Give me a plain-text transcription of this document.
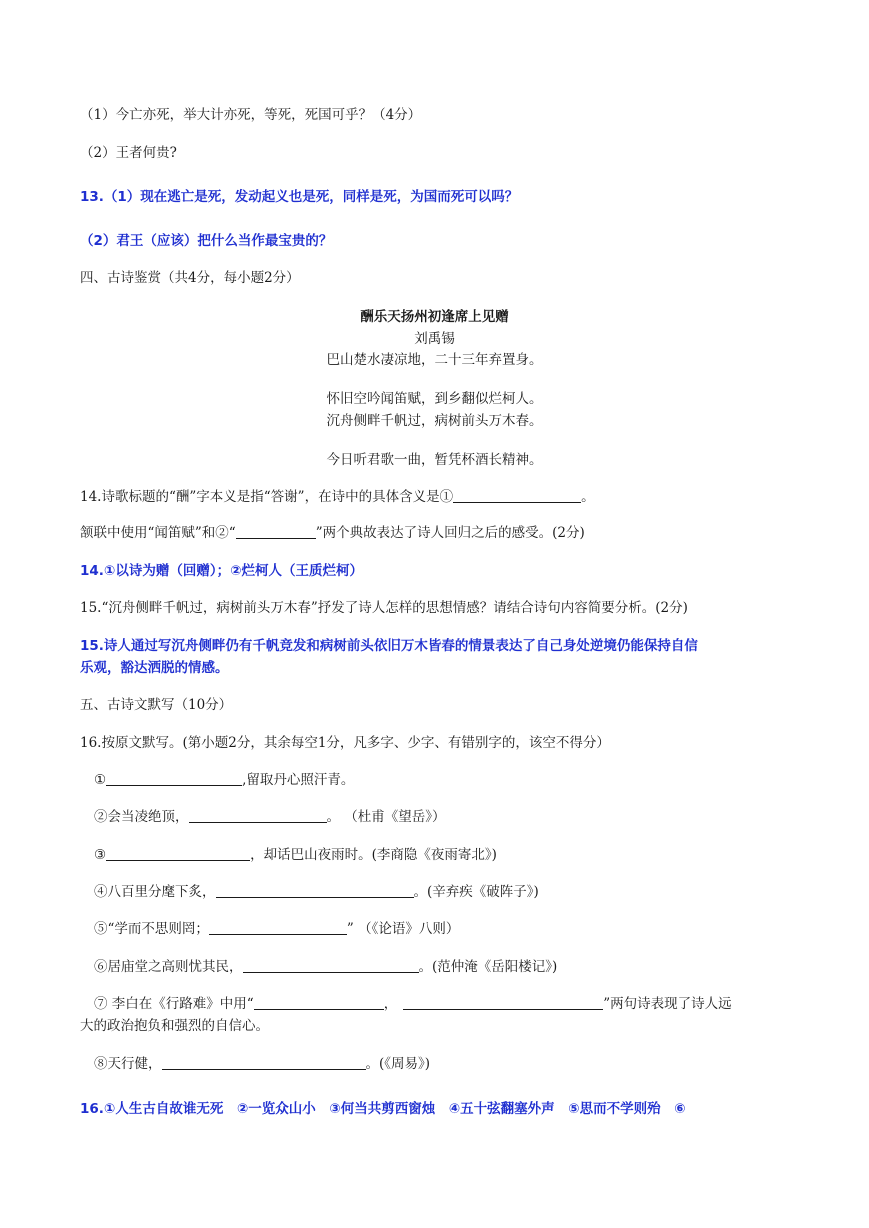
（1）今亡亦死，举大计亦死，等死，死国可乎？（4分）
（2）王者何贵?
13.（1）现在逃亡是死，发动起义也是死，同样是死，为国而死可以吗？
（2）君王（应该）把什么当作最宝贵的？
四、古诗鉴赏（共4分，每小题2分）
酬乐天扬州初逢席上见赠
刘禹锡
巴山楚水凄凉地，二十三年弃置身。
怀旧空吟闻笛赋，到乡翻似烂柯人。
沉舟侧畔千帆过，病树前头万木春。
今日听君歌一曲，暂凭杯酒长精神。
14.诗歌标题的“酬”字本义是指“答谢”，在诗中的具体含义是①	。
颔联中使用“闻笛赋”和②“	”两个典故表达了诗人回归之后的感受。(2分)
14.①以诗为赠（回赠）；②烂柯人（王质烂柯）
15.“沉舟侧畔千帆过，病树前头万木春”抒发了诗人怎样的思想情感？请结合诗句内容简要分析。(2分)
15.诗人通过写沉舟侧畔仍有千帆竞发和病树前头依旧万木皆春的情景表达了自己身处逆境仍能保持自信
乐观，豁达洒脱的情感。
五、古诗文默写（10分）
16.按原文默写。(第小题2分，其余每空1分，凡多字、少字、有错别字的，该空不得分）
①	,留取丹心照汗青。
②会当凌绝顶，	。 （杜甫《望岳》）
③	，却话巴山夜雨时。(李商隐《夜雨寄北》)
④八百里分麾下炙，	。(辛弃疾《破阵子》)
⑤“学而不思则罔；	” （《论语》八则）
⑥居庙堂之高则忧其民，	。(范仲淹《岳阳楼记》)
⑦ 李白在《行路难》中用“	，	”两句诗表现了诗人远
大的政治抱负和强烈的自信心。
⑧天行健，	。(《周易》)
16.①人生古自故谁无死　②一览众山小　③何当共剪西窗烛　④五十弦翻塞外声　⑤思而不学则殆　⑥
